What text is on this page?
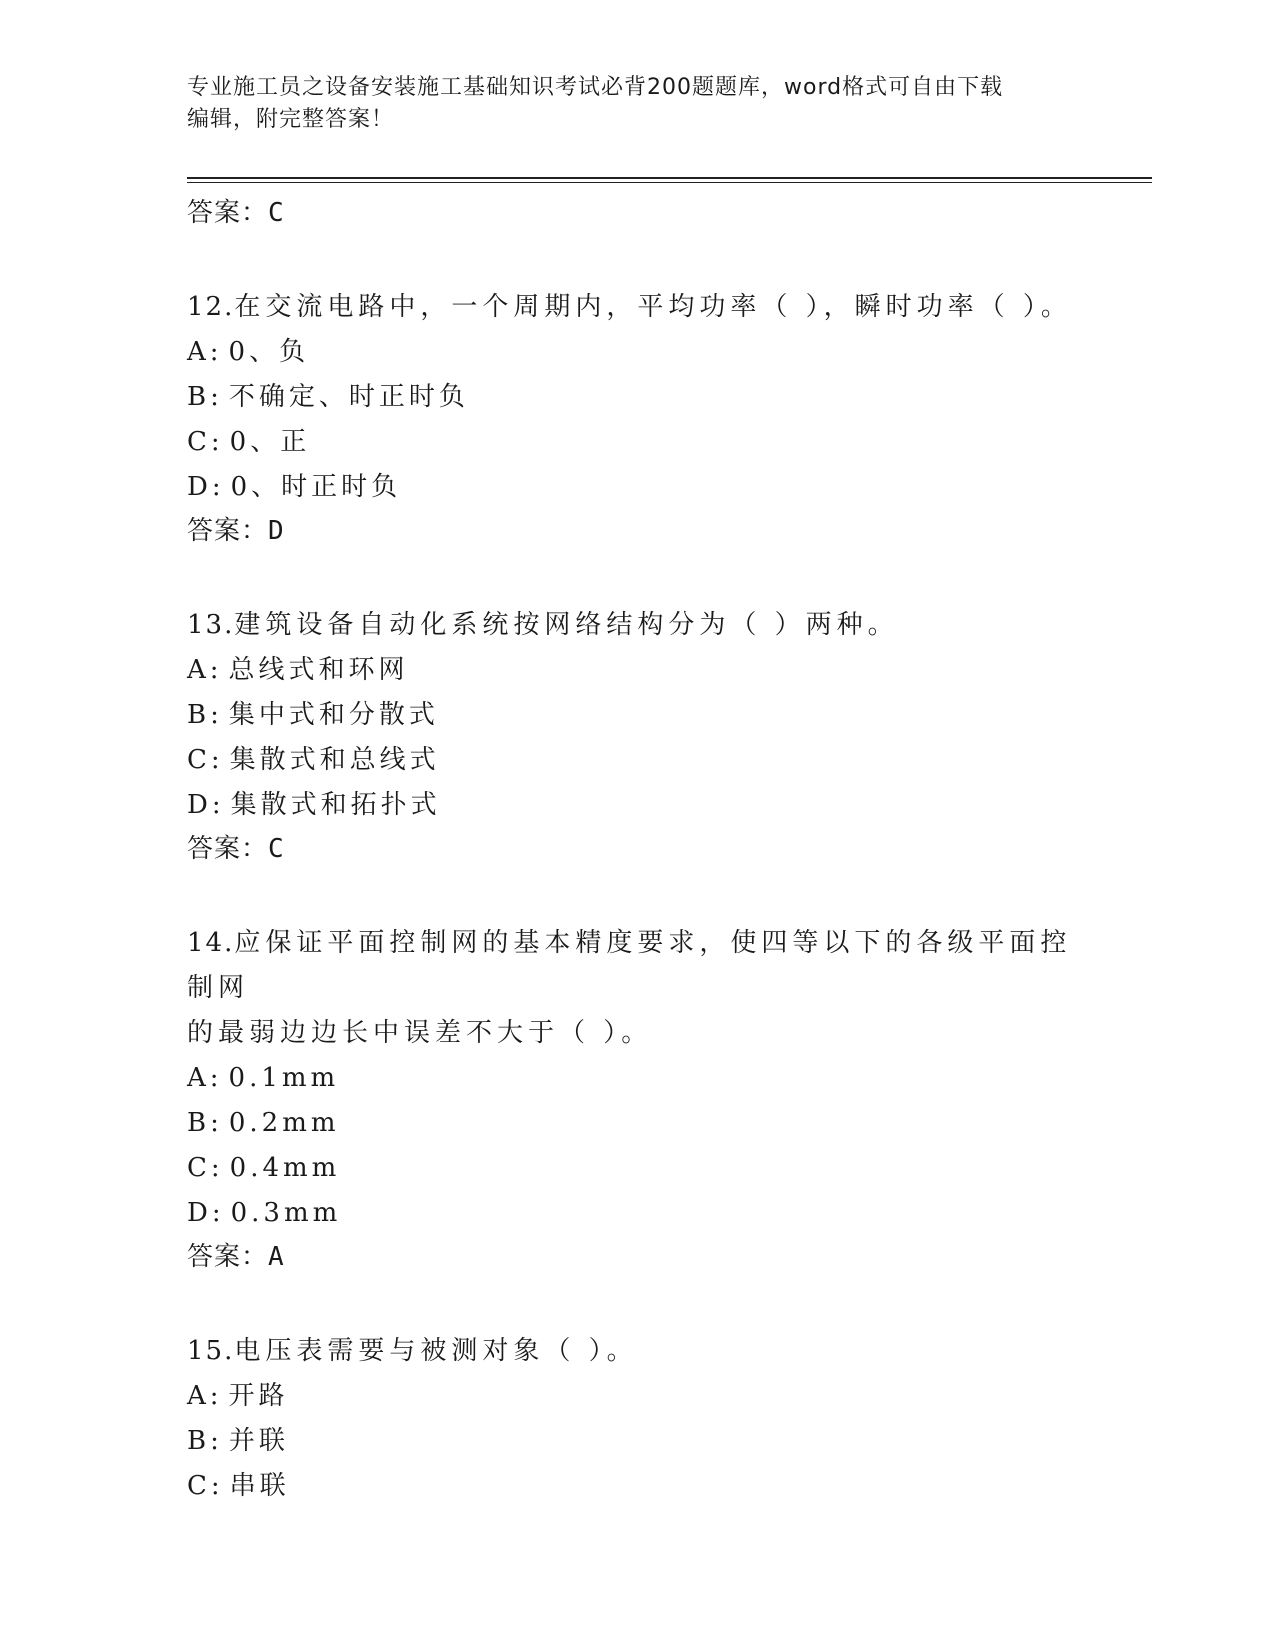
专业施工员之设备安装施工基础知识考试必背200题题库，word格式可自由下载
编辑，附完整答案！
答案：C
12.在交流电路中，一个周期内，平均功率（ ），瞬时功率（ ）。
A: 0、负
B: 不确定、时正时负
C: 0、正
D: 0、时正时负
答案：D
13.建筑设备自动化系统按网络结构分为（ ）两种。
A: 总线式和环网
B: 集中式和分散式
C: 集散式和总线式
D: 集散式和拓扑式
答案：C
14.应保证平面控制网的基本精度要求，使四等以下的各级平面控制网
的最弱边边长中误差不大于（ ）。
A: 0.1mm
B: 0.2mm
C: 0.4mm
D: 0.3mm
答案：A
15.电压表需要与被测对象（ ）。
A: 开路
B: 并联
C: 串联
